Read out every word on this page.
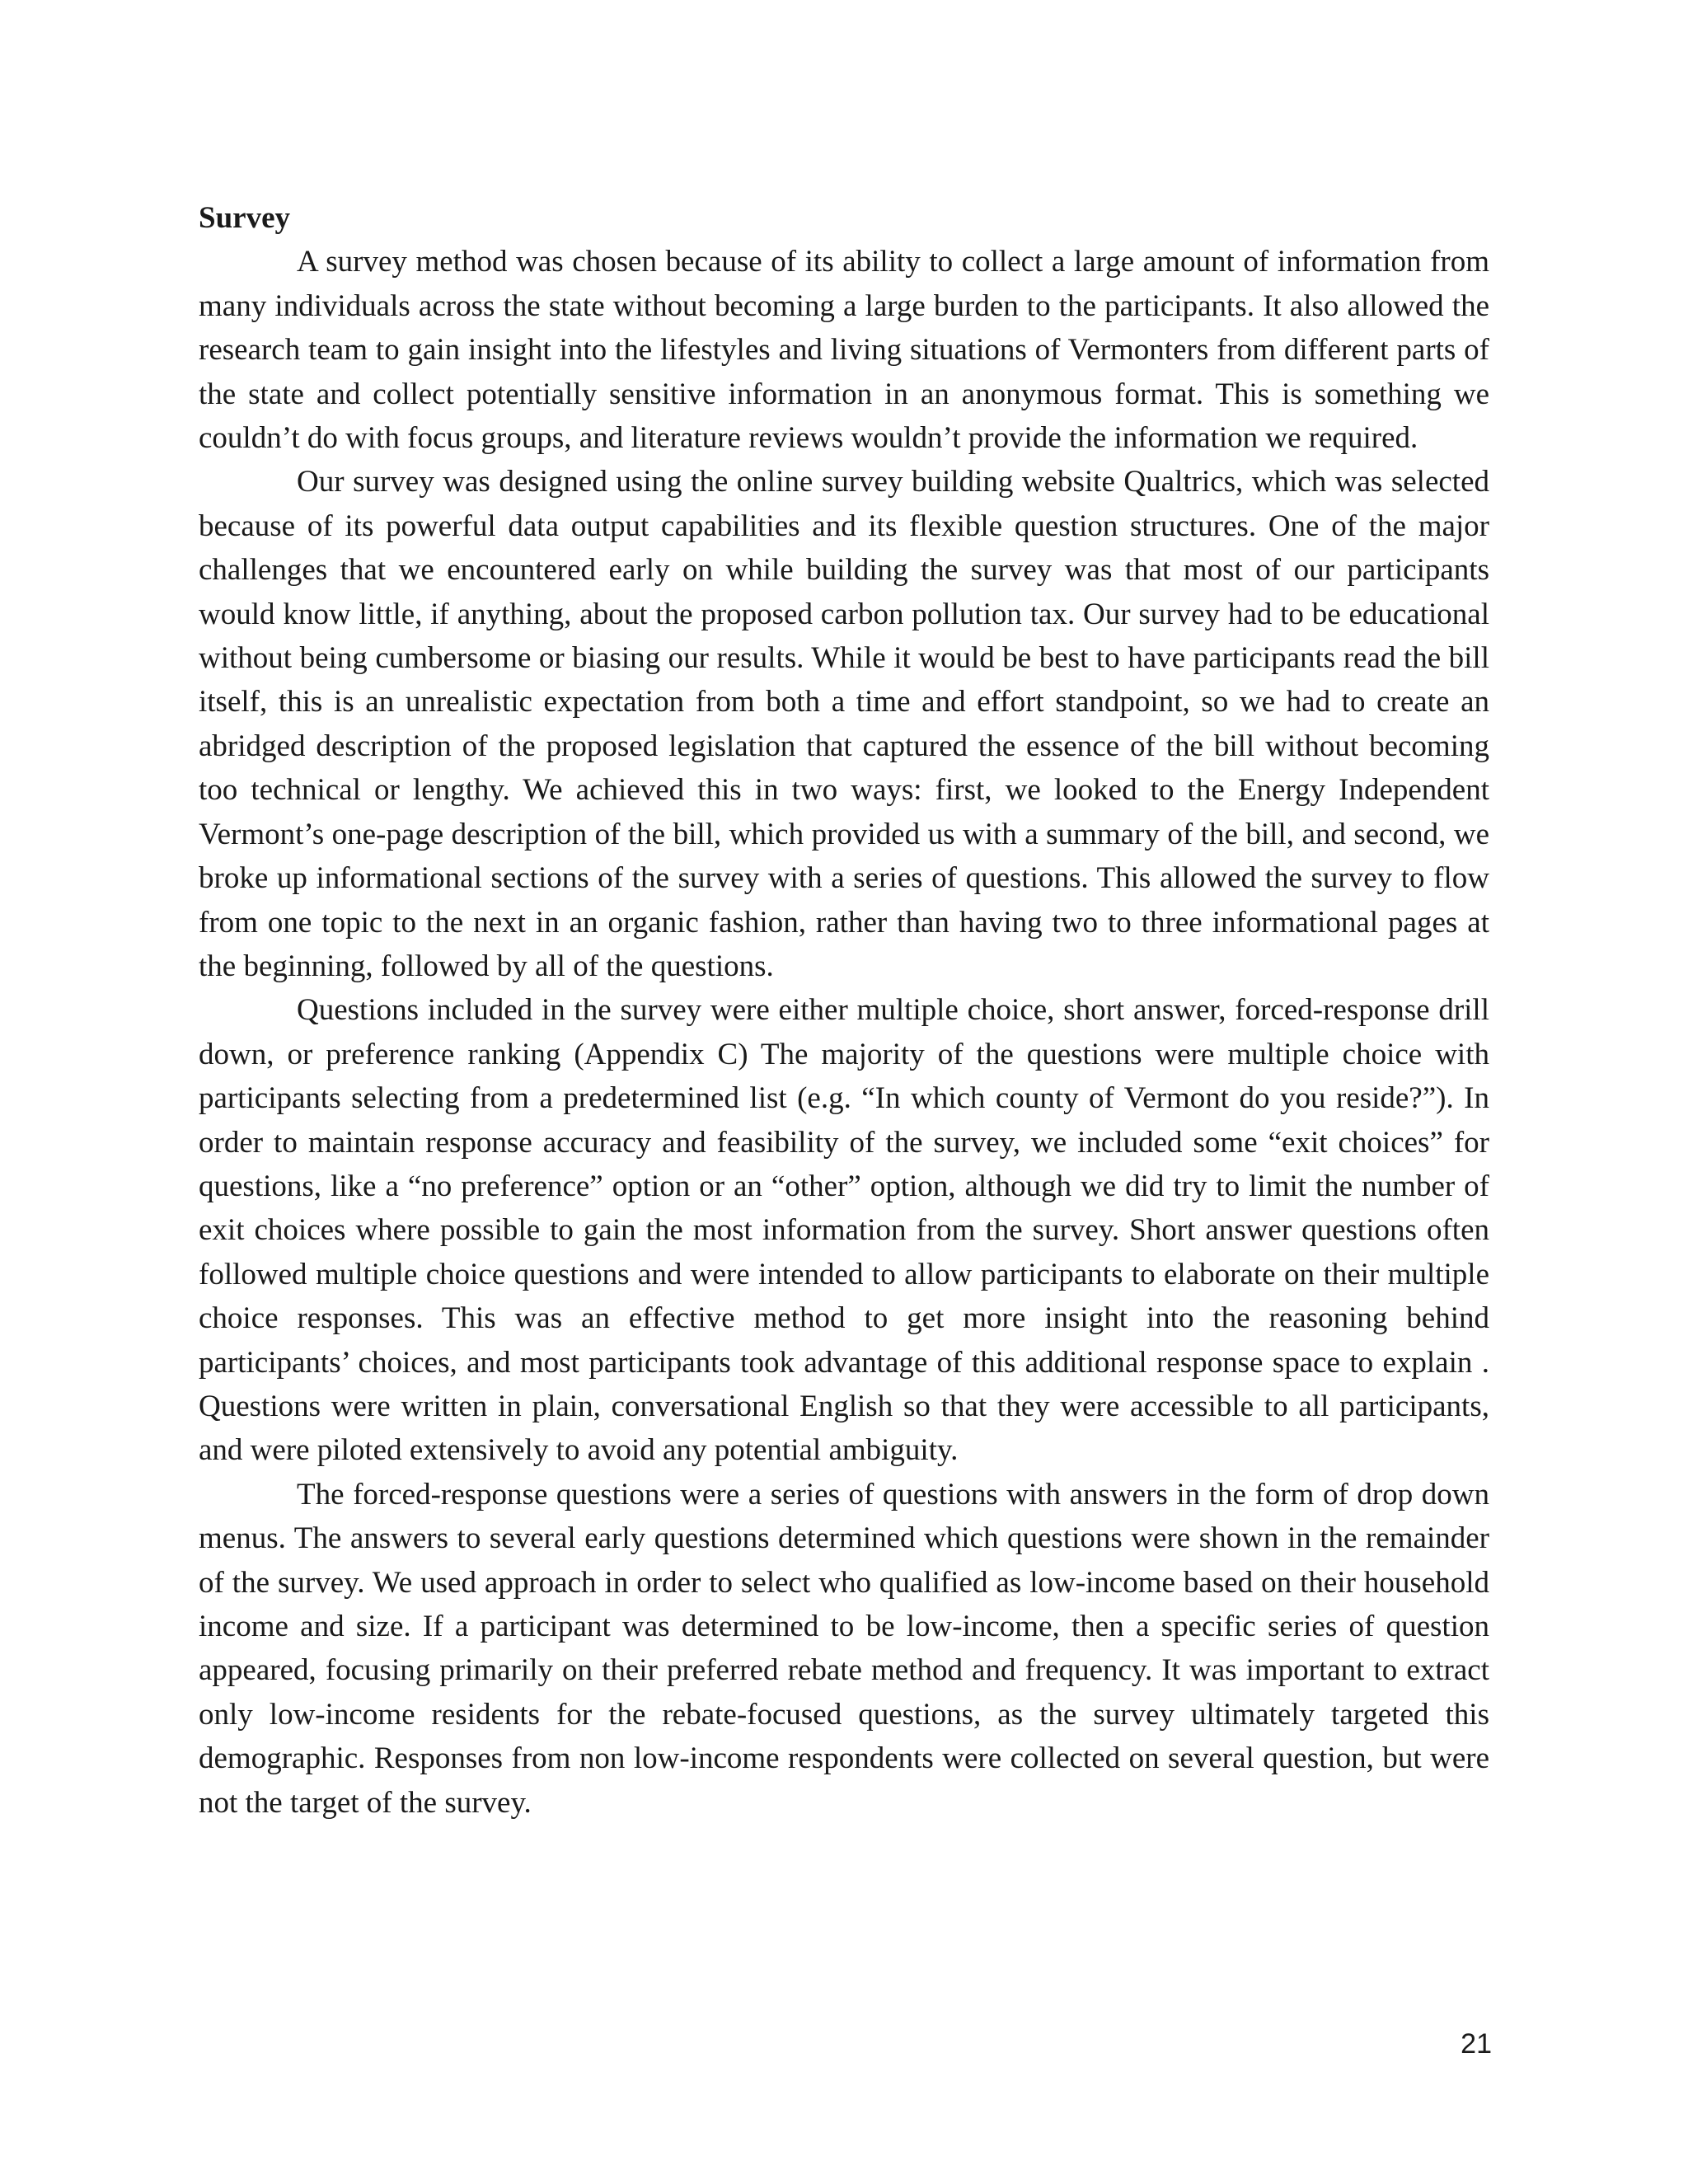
Survey

A survey method was chosen because of its ability to collect a large amount of information from many individuals across the state without becoming a large burden to the participants. It also allowed the research team to gain insight into the lifestyles and living situations of Vermonters from different parts of the state and collect potentially sensitive information in an anonymous format. This is something we couldn’t do with focus groups, and literature reviews wouldn’t provide the information we required.

Our survey was designed using the online survey building website Qualtrics, which was selected because of its powerful data output capabilities and its flexible question structures. One of the major challenges that we encountered early on while building the survey was that most of our participants would know little, if anything, about the proposed carbon pollution tax. Our survey had to be educational without being cumbersome or biasing our results. While it would be best to have participants read the bill itself, this is an unrealistic expectation from both a time and effort standpoint, so we had to create an abridged description of the proposed legislation that captured the essence of the bill without becoming too technical or lengthy. We achieved this in two ways: first, we looked to the Energy Independent Vermont’s one-page description of the bill, which provided us with a summary of the bill, and second, we broke up informational sections of the survey with a series of questions. This allowed the survey to flow from one topic to the next in an organic fashion, rather than having two to three informational pages at the beginning, followed by all of the questions.

Questions included in the survey were either multiple choice, short answer, forced-response drill down, or preference ranking (Appendix C) The majority of the questions were multiple choice with participants selecting from a predetermined list (e.g. “In which county of Vermont do you reside?”). In order to maintain response accuracy and feasibility of the survey, we included some “exit choices” for questions, like a “no preference” option or an “other” option, although we did try to limit the number of exit choices where possible to gain the most information from the survey. Short answer questions often followed multiple choice questions and were intended to allow participants to elaborate on their multiple choice responses. This was an effective method to get more insight into the reasoning behind participants’ choices, and most participants took advantage of this additional response space to explain . Questions were written in plain, conversational English so that they were accessible to all participants, and were piloted extensively to avoid any potential ambiguity.

The forced-response questions were a series of questions with answers in the form of drop down menus. The answers to several early questions determined which questions were shown in the remainder of the survey. We used approach in order to select who qualified as low-income based on their household income and size. If a participant was determined to be low-income, then a specific series of question appeared, focusing primarily on their preferred rebate method and frequency. It was important to extract only low-income residents for the rebate-focused questions, as the survey ultimately targeted this demographic. Responses from non low-income respondents were collected on several question, but were not the target of the survey.

21
